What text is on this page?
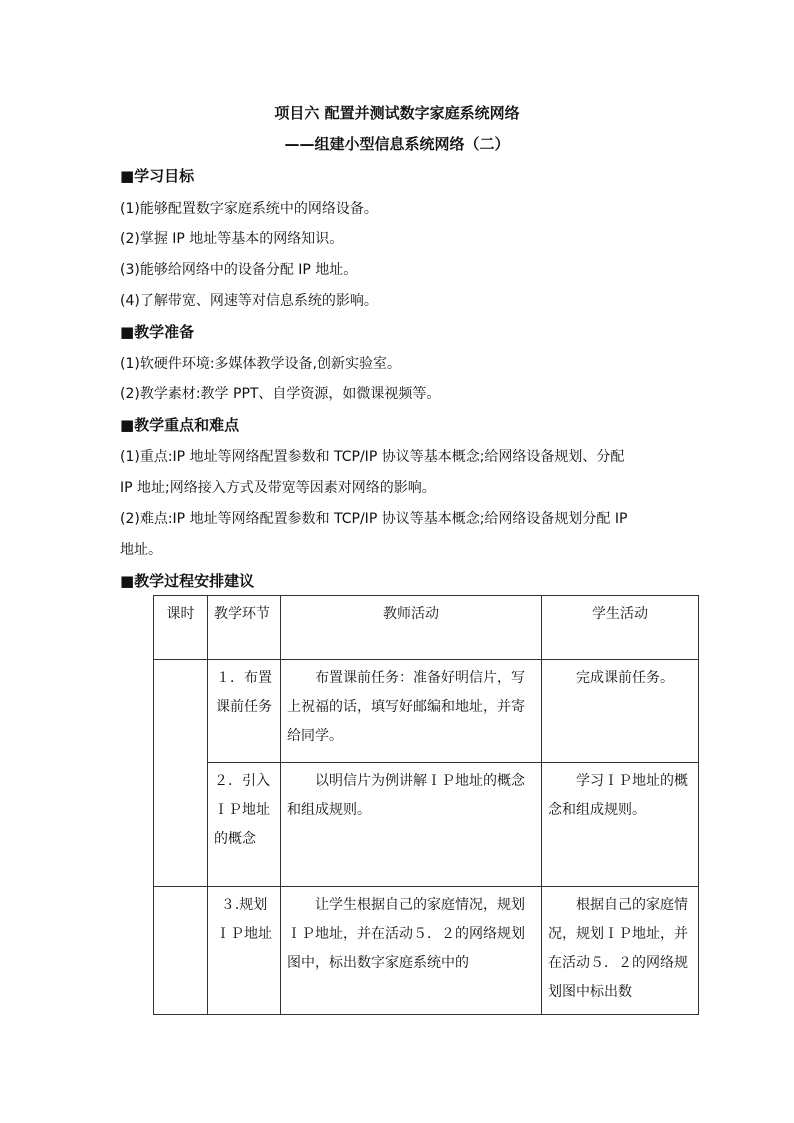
项目六 配置并测试数字家庭系统网络
——组建小型信息系统网络（二）
■学习目标
(1)能够配置数字家庭系统中的网络设备。
(2)掌握 IP 地址等基本的网络知识。
(3)能够给网络中的设备分配 IP 地址。
(4)了解带宽、网速等对信息系统的影响。
■教学准备
(1)软硬件环境:多媒体教学设备,创新实验室。
(2)教学素材:教学 PPT、自学资源，如微课视频等。
■教学重点和难点
(1)重点:IP 地址等网络配置参数和 TCP/IP 协议等基本概念;给网络设备规划、分配
IP 地址;网络接入方式及带宽等因素对网络的影响。
(2)难点:IP 地址等网络配置参数和 TCP/IP 协议等基本概念;给网络设备规划分配 IP
地址。
■教学过程安排建议
课时	教学环节	教师活动	学生活动

	１．布置课前任务	布置课前任务：准备好明信片，写上祝福的话，填写好邮编和地址，并寄给同学。	完成课前任务。

	２．引入ＩＰ地址的概念	以明信片为例讲解ＩＰ地址的概念和组成规则。	学习ＩＰ地址的概念和组成规则。

	３.规划ＩＰ地址	让学生根据自己的家庭情况，规划ＩＰ地址，并在活动５．２的网络规划图中，标出数字家庭系统中的	根据自己的家庭情况，规划ＩＰ地址，并在活动５．２的网络规划图中标出数
